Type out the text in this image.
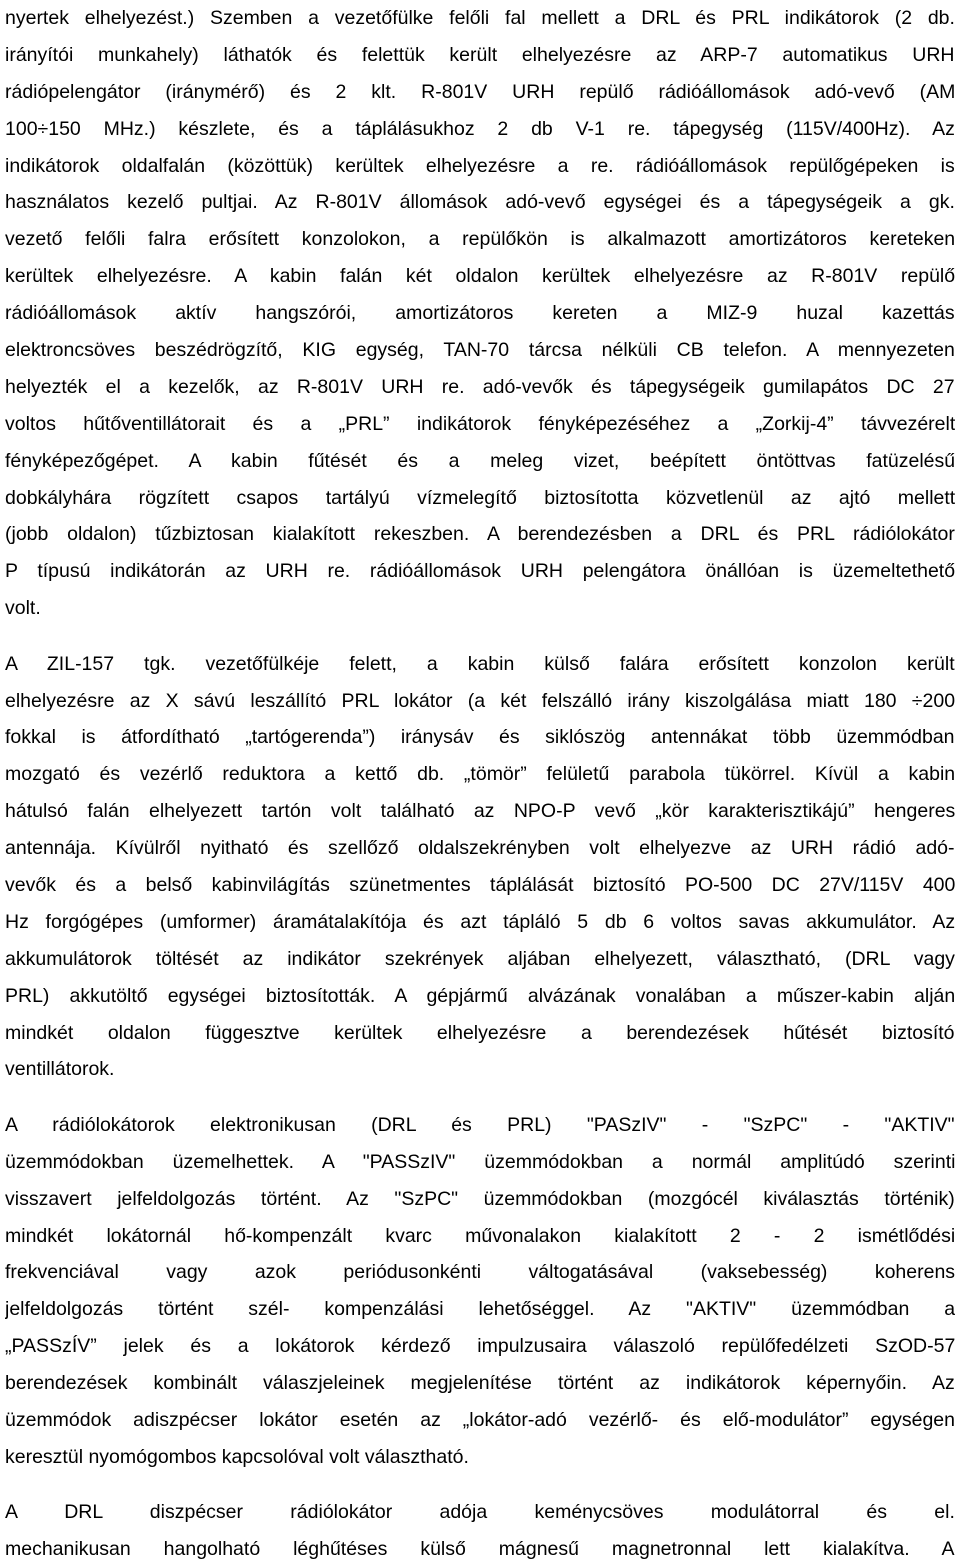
nyertek elhelyezést.) Szemben a vezetőfülke felőli fal mellett a DRL és PRL indikátorok (2 db.
irányítói munkahely) láthatók és felettük került elhelyezésre az ARP-7 automatikus URH
rádiópelengátor (iránymérő) és 2 klt. R-801V URH repülő rádióállomások adó-vevő (AM
100÷150 MHz.) készlete, és a táplálásukhoz 2 db V-1 re. tápegység (115V/400Hz). Az
indikátorok oldalfalán (közöttük) kerültek elhelyezésre a re. rádióállomások repülőgépeken is
használatos kezelő pultjai. Az R-801V állomások adó-vevő egységei és a tápegységeik a gk.
vezető felőli falra erősített konzolokon, a repülőkön is alkalmazott amortizátoros kereteken
kerültek elhelyezésre. A kabin falán két oldalon kerültek elhelyezésre az R-801V repülő
rádióállomások aktív hangszórói, amortizátoros kereten a MIZ-9 huzal kazettás
elektroncsöves beszédrögzítő, KIG egység, TAN-70 tárcsa nélküli CB telefon. A mennyezeten
helyezték el a kezelők, az R-801V URH re. adó-vevők és tápegységeik gumilapátos DC 27
voltos hűtőventillátorait és a „PRL” indikátorok fényképezéséhez a „Zorkij-4” távvezérelt
fényképezőgépet. A kabin fűtését és a meleg vizet, beépített öntöttvas fatüzelésű
dobkályhára rögzített csapos tartályú vízmelegítő biztosította közvetlenül az ajtó mellett
(jobb oldalon) tűzbiztosan kialakított rekeszben. A berendezésben a DRL és PRL rádiólokátor
P típusú indikátorán az URH re. rádióállomások URH pelengátora önállóan is üzemeltethető
volt.
A ZIL-157 tgk. vezetőfülkéje felett, a kabin külső falára erősített konzolon került
elhelyezésre az X sávú leszállító PRL lokátor (a két felszálló irány kiszolgálása miatt 180 ÷200
fokkal is átfordítható „tartógerenda”) iránysáv és siklószög antennákat több üzemmódban
mozgató és vezérlő reduktora a kettő db. „tömör” felületű parabola tükörrel. Kívül a kabin
hátulsó falán elhelyezett tartón volt található az NPO-P vevő „kör karakterisztikájú” hengeres
antennája. Kívülről nyitható és szellőző oldalszekrényben volt elhelyezve az URH rádió adó-
vevők és a belső kabinvilágítás szünetmentes táplálását biztosító PO-500 DC 27V/115V 400
Hz forgógépes (umformer) áramátalakítója és azt tápláló 5 db 6 voltos savas akkumulátor. Az
akkumulátorok töltését az indikátor szekrények aljában elhelyezett, választható, (DRL vagy
PRL) akkutöltő egységei biztosították. A gépjármű alvázának vonalában a műszer-kabin alján
mindkét oldalon függesztve kerültek elhelyezésre a berendezések hűtését biztosító
ventillátorok.
A rádiólokátorok elektronikusan (DRL és PRL) "PASzIV" - "SzPC" - "AKTIV"
üzemmódokban üzemelhettek. A "PASSzIV" üzemmódokban a normál amplitúdó szerinti
visszavert jelfeldolgozás történt. Az "SzPC" üzemmódokban (mozgócél kiválasztás történik)
mindkét lokátornál hő-kompenzált kvarc művonalakon kialakított 2 - 2 ismétlődési
frekvenciával vagy azok periódusonkénti váltogatásával (vaksebesség) koherens
jelfeldolgozás történt szél- kompenzálási lehetőséggel. Az "AKTIV" üzemmódban a
„PASSzÍV” jelek és a lokátorok kérdező impulzusaira válaszoló repülőfedélzeti SzOD-57
berendezések kombinált válaszjeleinek megjelenítése történt az indikátorok képernyőin. Az
üzemmódok adiszpécser lokátor esetén az „lokátor-adó vezérlő- és elő-modulátor” egységen
keresztül nyomógombos kapcsolóval volt választható.
A DRL diszpécser rádiólokátor adója keménycsöves modulátorral és el.
mechanikusan hangolható léghűtéses külső mágnesű magnetronnal lett kialakítva. A
